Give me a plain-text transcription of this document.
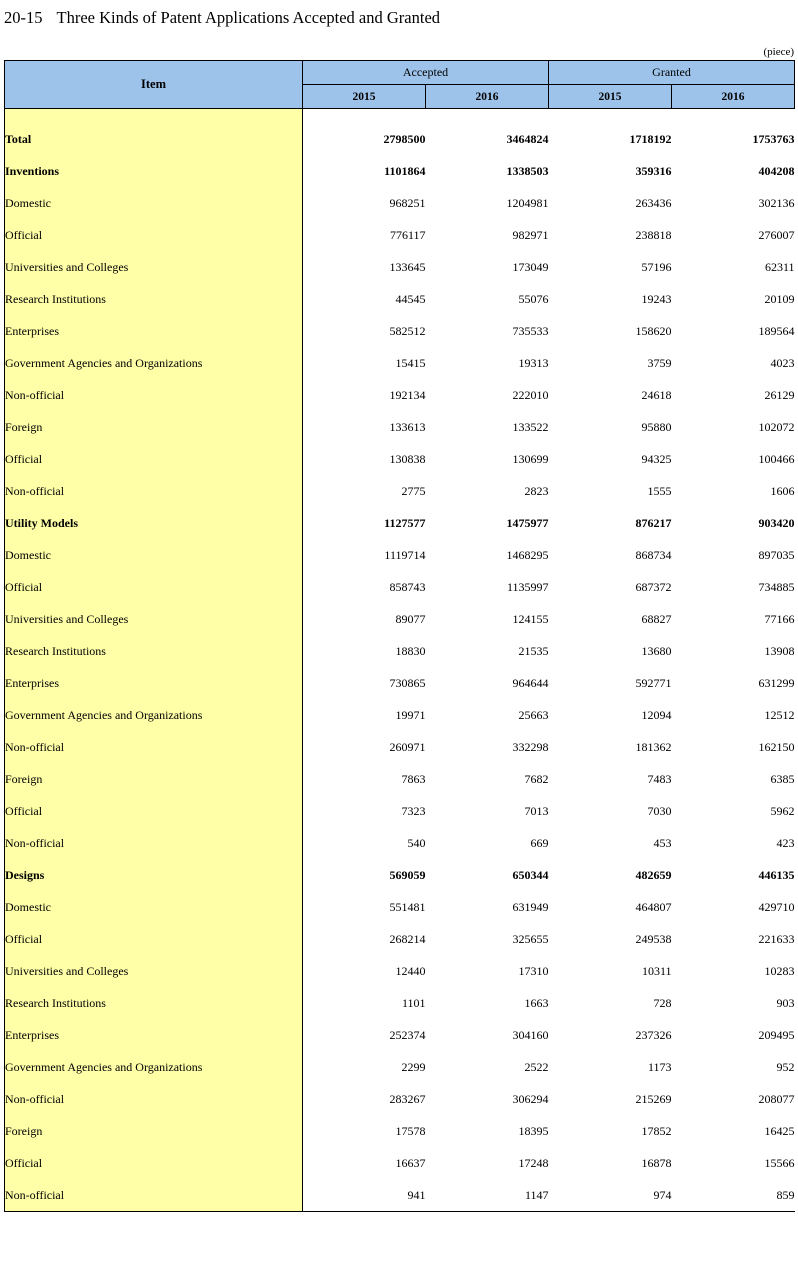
20-15 Three Kinds of Patent Applications Accepted and Granted
(piece)
Item	Accepted		Granted	
	2015	2016	2015	2016

Total	2798500	3464824	1718192	1753763
Inventions	1101864	1338503	359316	404208
Domestic	968251	1204981	263436	302136
Official	776117	982971	238818	276007
Universities and Colleges	133645	173049	57196	62311
Research Institutions	44545	55076	19243	20109
Enterprises	582512	735533	158620	189564
Government Agencies and Organizations	15415	19313	3759	4023
Non-official	192134	222010	24618	26129
Foreign	133613	133522	95880	102072
Official	130838	130699	94325	100466
Non-official	2775	2823	1555	1606
Utility Models	1127577	1475977	876217	903420
Domestic	1119714	1468295	868734	897035
Official	858743	1135997	687372	734885
Universities and Colleges	89077	124155	68827	77166
Research Institutions	18830	21535	13680	13908
Enterprises	730865	964644	592771	631299
Government Agencies and Organizations	19971	25663	12094	12512
Non-official	260971	332298	181362	162150
Foreign	7863	7682	7483	6385
Official	7323	7013	7030	5962
Non-official	540	669	453	423
Designs	569059	650344	482659	446135
Domestic	551481	631949	464807	429710
Official	268214	325655	249538	221633
Universities and Colleges	12440	17310	10311	10283
Research Institutions	1101	1663	728	903
Enterprises	252374	304160	237326	209495
Government Agencies and Organizations	2299	2522	1173	952
Non-official	283267	306294	215269	208077
Foreign	17578	18395	17852	16425
Official	16637	17248	16878	15566
Non-official	941	1147	974	859
